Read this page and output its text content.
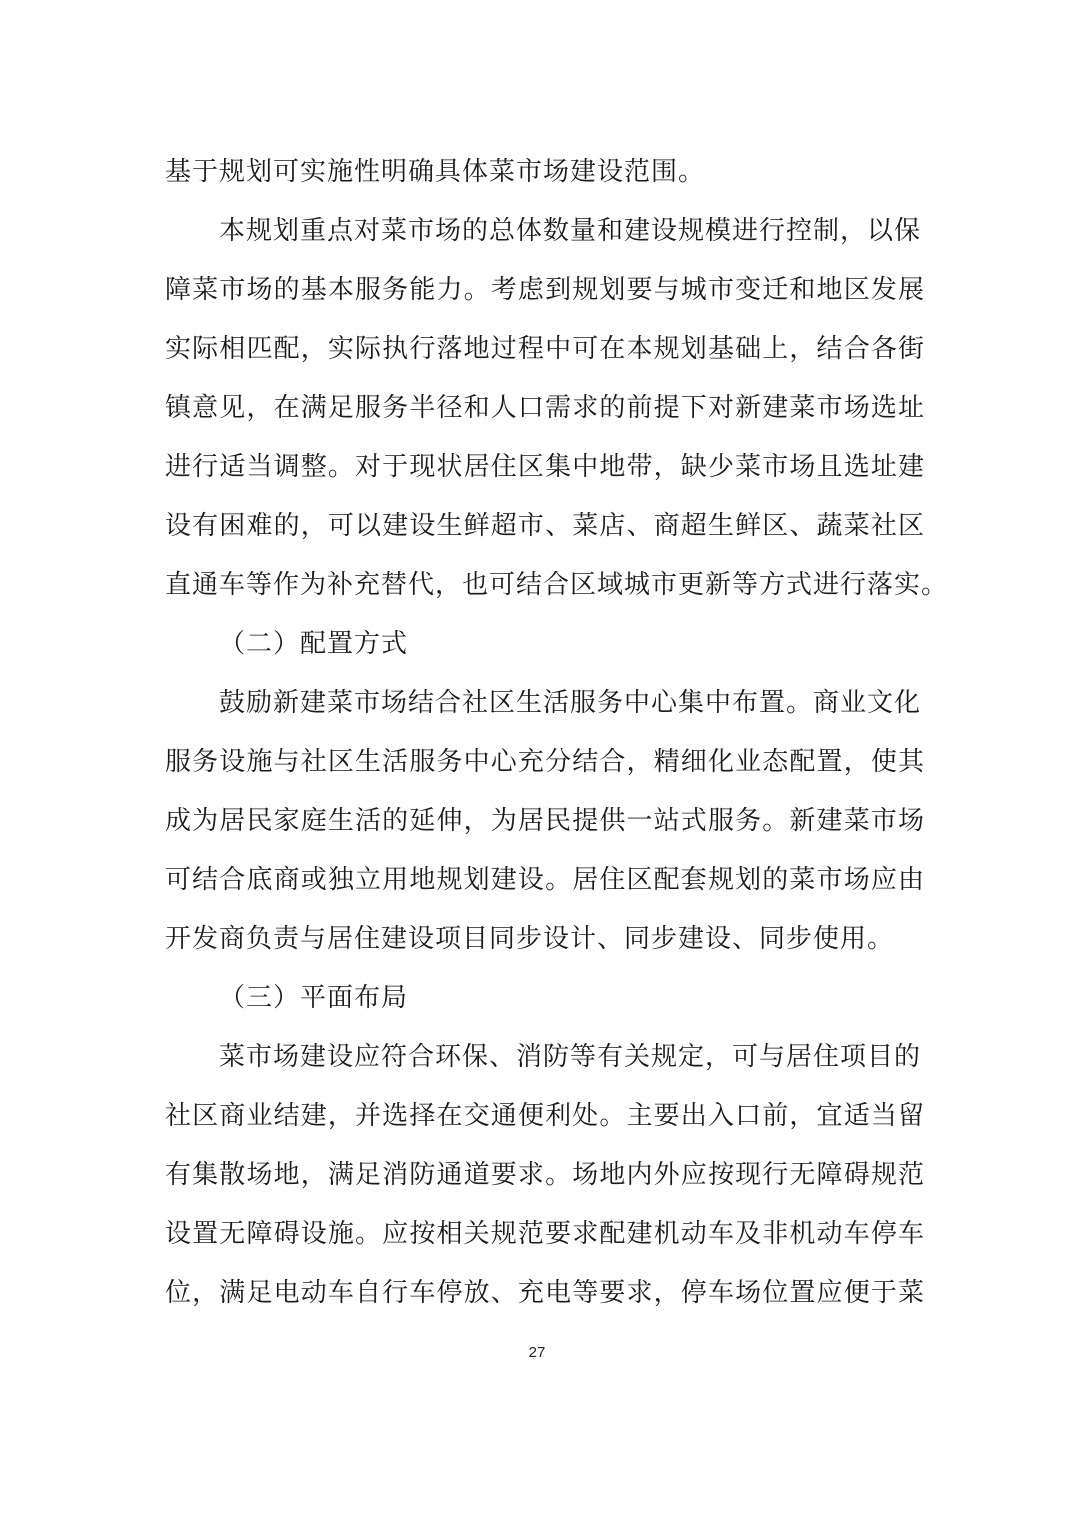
基于规划可实施性明确具体菜市场建设范围。
本规划重点对菜市场的总体数量和建设规模进行控制，以保
障菜市场的基本服务能力。考虑到规划要与城市变迁和地区发展
实际相匹配，实际执行落地过程中可在本规划基础上，结合各街
镇意见，在满足服务半径和人口需求的前提下对新建菜市场选址
进行适当调整。对于现状居住区集中地带，缺少菜市场且选址建
设有困难的，可以建设生鲜超市、菜店、商超生鲜区、蔬菜社区
直通车等作为补充替代，也可结合区域城市更新等方式进行落实。
（二）配置方式
鼓励新建菜市场结合社区生活服务中心集中布置。商业文化
服务设施与社区生活服务中心充分结合，精细化业态配置，使其
成为居民家庭生活的延伸，为居民提供一站式服务。新建菜市场
可结合底商或独立用地规划建设。居住区配套规划的菜市场应由
开发商负责与居住建设项目同步设计、同步建设、同步使用。
（三）平面布局
菜市场建设应符合环保、消防等有关规定，可与居住项目的
社区商业结建，并选择在交通便利处。主要出入口前，宜适当留
有集散场地，满足消防通道要求。场地内外应按现行无障碍规范
设置无障碍设施。应按相关规范要求配建机动车及非机动车停车
位，满足电动车自行车停放、充电等要求，停车场位置应便于菜
27
